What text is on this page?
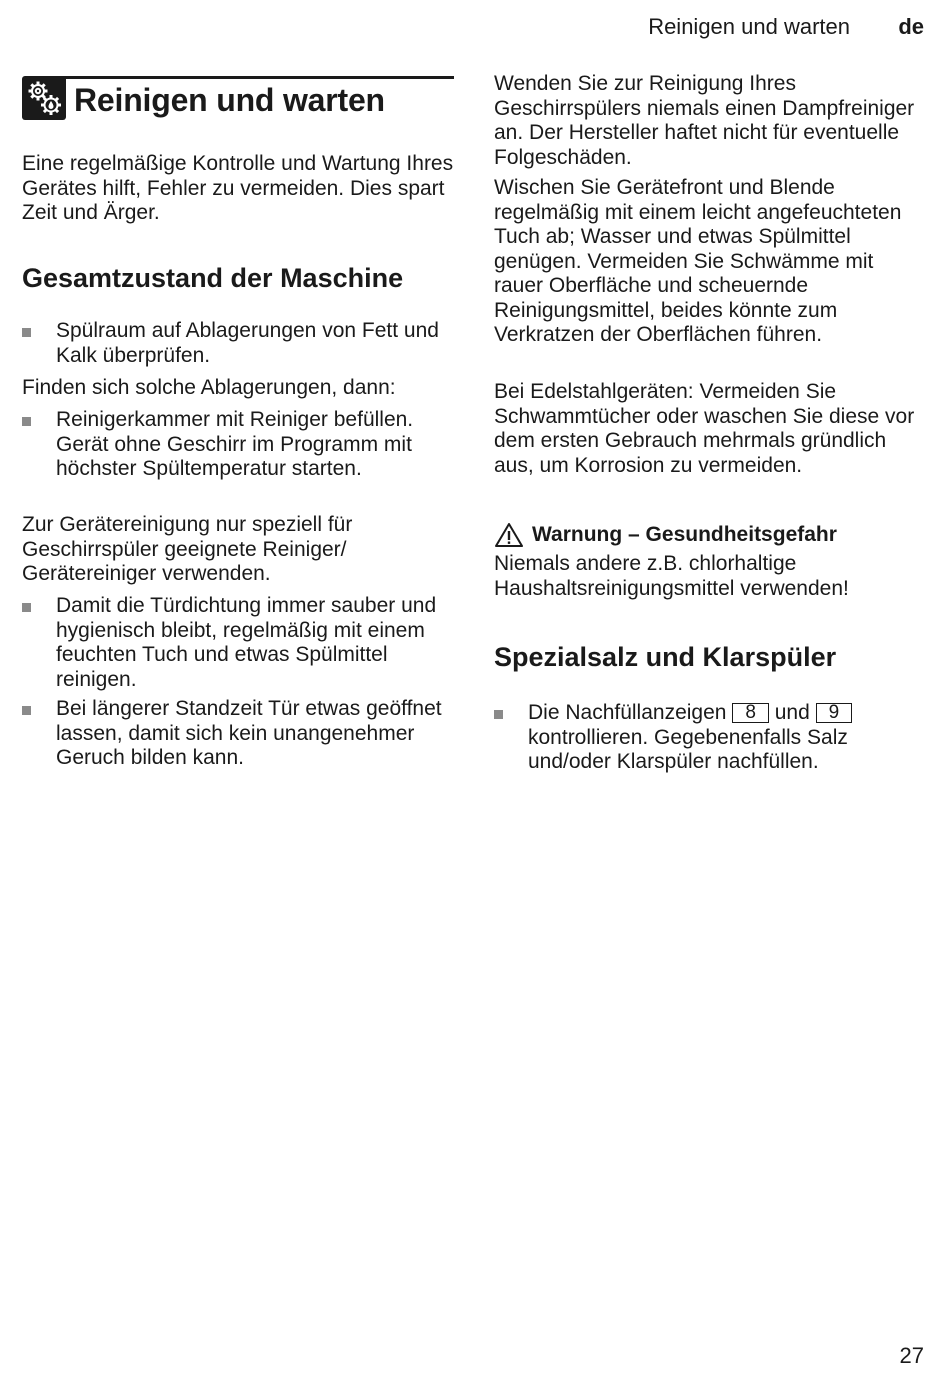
Reinigen und warten de
Reinigen und warten

Eine regelmäßige Kontrolle und Wartung Ihres Gerätes hilft, Fehler zu vermeiden. Dies spart Zeit und Ärger.

Gesamtzustand der Maschine
Spülraum auf Ablagerungen von Fett und Kalk überprüfen.

Finden sich solche Ablagerungen, dann:

Reinigerkammer mit Reiniger befüllen. Gerät ohne Geschirr im Programm mit höchster Spültemperatur starten.

Zur Gerätereinigung nur speziell für Geschirrspüler geeignete Reiniger/ Gerätereiniger verwenden.

Damit die Türdichtung immer sauber und hygienisch bleibt, regelmäßig mit einem feuchten Tuch und etwas Spülmittel reinigen.
Bei längerer Standzeit Tür etwas geöffnet lassen, damit sich kein unangenehmer Geruch bilden kann.

Wenden Sie zur Reinigung Ihres Geschirrspülers niemals einen Dampfreiniger an. Der Hersteller haftet nicht für eventuelle Folgeschäden.

Wischen Sie Gerätefront und Blende regelmäßig mit einem leicht angefeuchteten Tuch ab; Wasser und etwas Spülmittel genügen. Vermeiden Sie Schwämme mit rauer Oberfläche und scheuernde Reinigungsmittel, beides könnte zum Verkratzen der Oberflächen führen.

Bei Edelstahlgeräten: Vermeiden Sie Schwammtücher oder waschen Sie diese vor dem ersten Gebrauch mehrmals gründlich aus, um Korrosion zu vermeiden.

Warnung – Gesundheitsgefahr

Niemals andere z.B. chlorhaltige Haushaltsreinigungsmittel verwenden!

Spezialsalz und Klarspüler
Die Nachfüllanzeigen 8 und 9 kontrollieren. Gegebenenfalls Salz und/oder Klarspüler nachfüllen.
27
